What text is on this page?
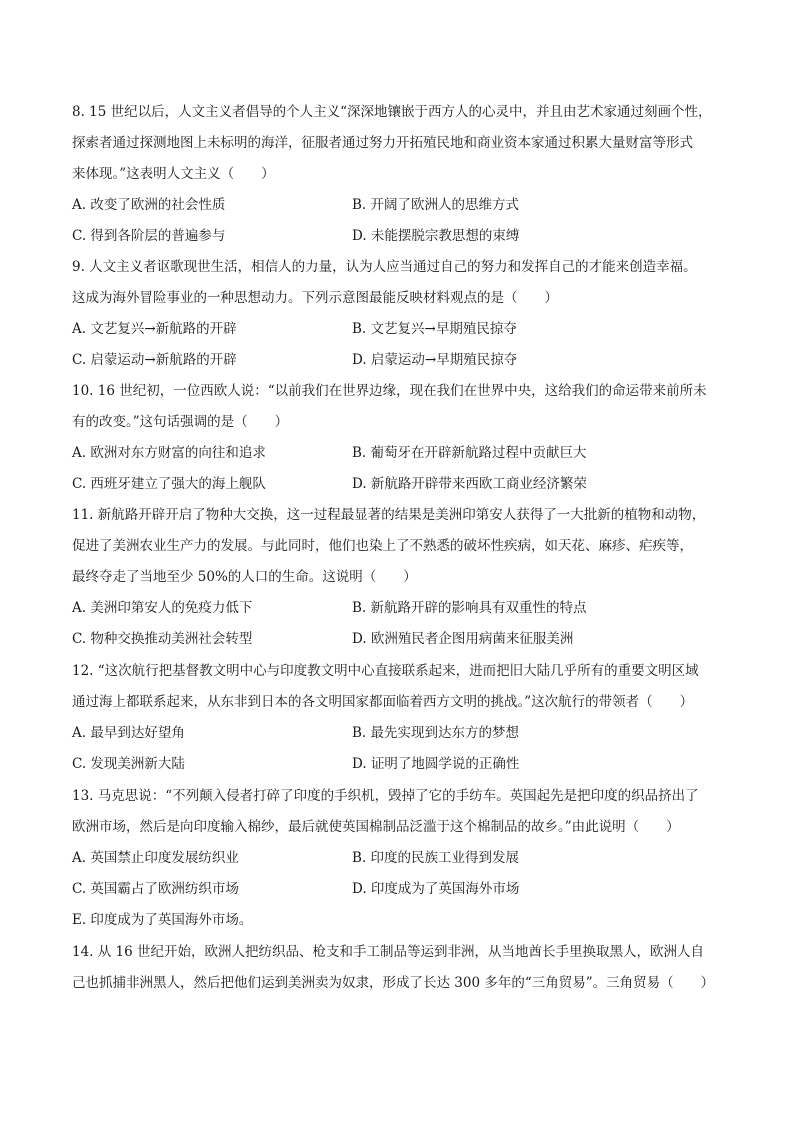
8. 15 世纪以后，人文主义者倡导的个人主义“深深地镶嵌于西方人的心灵中，并且由艺术家通过刻画个性，
探索者通过探测地图上未标明的海洋，征服者通过努力开拓殖民地和商业资本家通过积累大量财富等形式
来体现。”这表明人文主义（　　）
A. 改变了欧洲的社会性质	B. 开阔了欧洲人的思维方式
C. 得到各阶层的普遍参与	D. 未能摆脱宗教思想的束缚
9. 人文主义者讴歌现世生活，相信人的力量，认为人应当通过自己的努力和发挥自己的才能来创造幸福。
这成为海外冒险事业的一种思想动力。下列示意图最能反映材料观点的是（　　）
A. 文艺复兴→新航路的开辟	B. 文艺复兴→早期殖民掠夺
C. 启蒙运动→新航路的开辟	D. 启蒙运动→早期殖民掠夺
10. 16 世纪初，一位西欧人说：“以前我们在世界边缘，现在我们在世界中央，这给我们的命运带来前所未
有的改变。”这句话强调的是（　　）
A. 欧洲对东方财富的向往和追求	B. 葡萄牙在开辟新航路过程中贡献巨大
C. 西班牙建立了强大的海上舰队	D. 新航路开辟带来西欧工商业经济繁荣
11. 新航路开辟开启了物种大交换，这一过程最显著的结果是美洲印第安人获得了一大批新的植物和动物，
促进了美洲农业生产力的发展。与此同时，他们也染上了不熟悉的破坏性疾病，如天花、麻疹、疟疾等，
最终夺走了当地至少 50%的人口的生命。这说明（　　）
A. 美洲印第安人的免疫力低下	B. 新航路开辟的影响具有双重性的特点
C. 物种交换推动美洲社会转型	D. 欧洲殖民者企图用病菌来征服美洲
12. “这次航行把基督教文明中心与印度教文明中心直接联系起来，进而把旧大陆几乎所有的重要文明区域
通过海上都联系起来，从东非到日本的各文明国家都面临着西方文明的挑战。”这次航行的带领者（　　）
A. 最早到达好望角	B. 最先实现到达东方的梦想
C. 发现美洲新大陆	D. 证明了地圆学说的正确性
13. 马克思说：“不列颠入侵者打碎了印度的手织机，毁掉了它的手纺车。英国起先是把印度的织品挤出了
欧洲市场，然后是向印度输入棉纱，最后就使英国棉制品泛滥于这个棉制品的故乡。”由此说明（　　）
A. 英国禁止印度发展纺织业	B. 印度的民族工业得到发展
C. 英国霸占了欧洲纺织市场	D. 印度成为了英国海外市场
E. 印度成为了英国海外市场。
14. 从 16 世纪开始，欧洲人把纺织品、枪支和手工制品等运到非洲，从当地酋长手里换取黑人，欧洲人自
己也抓捕非洲黑人，然后把他们运到美洲卖为奴隶，形成了长达 300 多年的“三角贸易”。三角贸易（　　）
